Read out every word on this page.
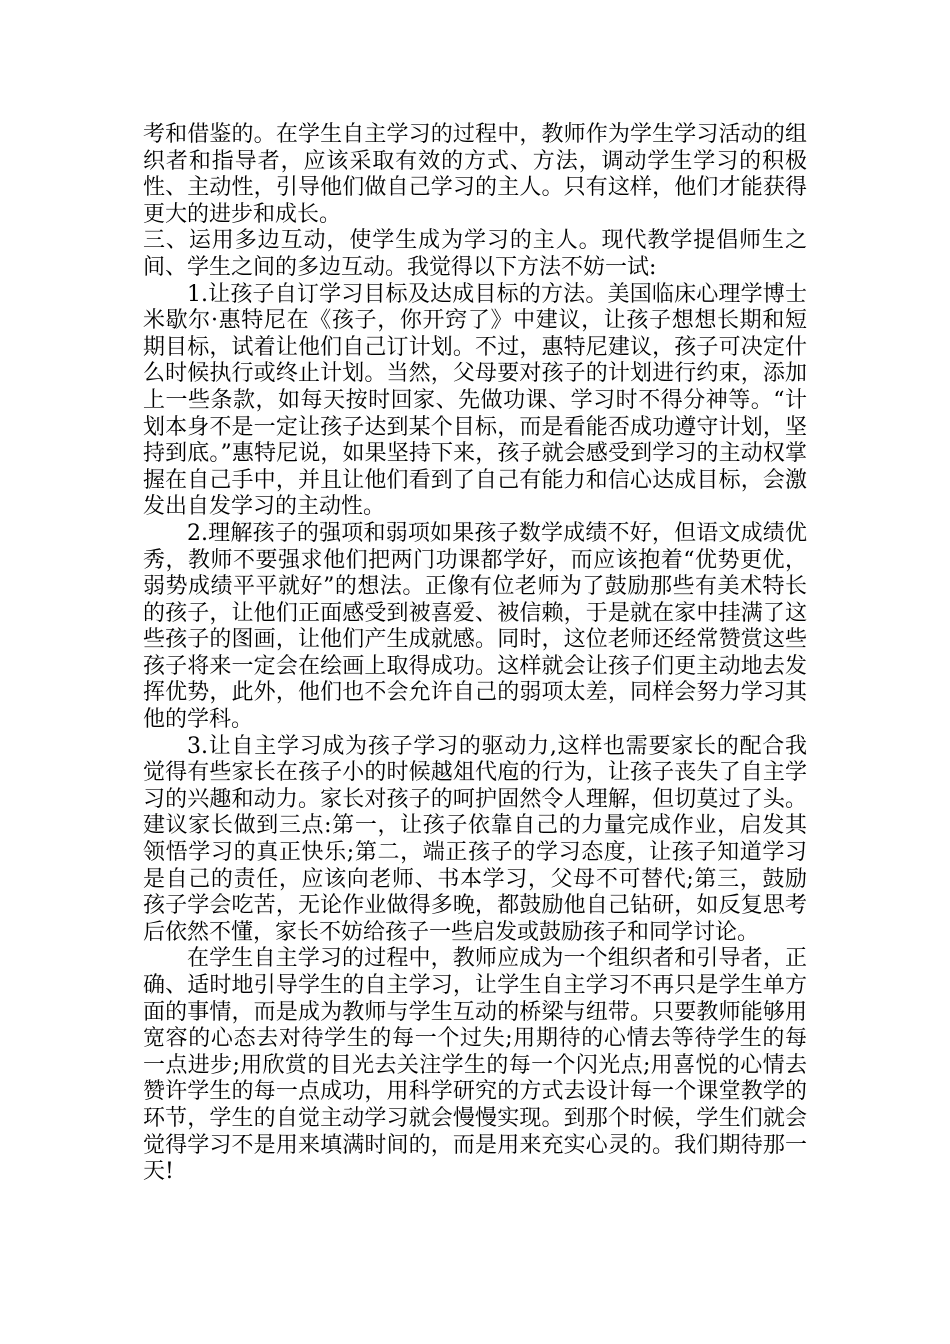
考和借鉴的。在学生自主学习的过程中，教师作为学生学习活动的组织者和指导者，应该采取有效的方式、方法，调动学生学习的积极性、主动性，引导他们做自己学习的主人。只有这样，他们才能获得更大的进步和成长。

三、运用多边互动，使学生成为学习的主人。现代教学提倡师生之间、学生之间的多边互动。我觉得以下方法不妨一试:

1.让孩子自订学习目标及达成目标的方法。美国临床心理学博士米歇尔·惠特尼在《孩子，你开窍了》中建议，让孩子想想长期和短期目标，试着让他们自己订计划。不过，惠特尼建议，孩子可决定什么时候执行或终止计划。当然，父母要对孩子的计划进行约束，添加上一些条款，如每天按时回家、先做功课、学习时不得分神等。“计划本身不是一定让孩子达到某个目标，而是看能否成功遵守计划，坚持到底。”惠特尼说，如果坚持下来，孩子就会感受到学习的主动权掌握在自己手中，并且让他们看到了自己有能力和信心达成目标，会激发出自发学习的主动性。

2.理解孩子的强项和弱项如果孩子数学成绩不好，但语文成绩优秀，教师不要强求他们把两门功课都学好，而应该抱着“优势更优，弱势成绩平平就好”的想法。正像有位老师为了鼓励那些有美术特长的孩子，让他们正面感受到被喜爱、被信赖，于是就在家中挂满了这些孩子的图画，让他们产生成就感。同时，这位老师还经常赞赏这些孩子将来一定会在绘画上取得成功。这样就会让孩子们更主动地去发挥优势，此外，他们也不会允许自己的弱项太差，同样会努力学习其他的学科。

3.让自主学习成为孩子学习的驱动力,这样也需要家长的配合我觉得有些家长在孩子小的时候越俎代庖的行为，让孩子丧失了自主学习的兴趣和动力。家长对孩子的呵护固然令人理解，但切莫过了头。建议家长做到三点:第一，让孩子依靠自己的力量完成作业，启发其领悟学习的真正快乐;第二，端正孩子的学习态度，让孩子知道学习是自己的责任，应该向老师、书本学习，父母不可替代;第三，鼓励孩子学会吃苦，无论作业做得多晚，都鼓励他自己钻研，如反复思考后依然不懂，家长不妨给孩子一些启发或鼓励孩子和同学讨论。

在学生自主学习的过程中，教师应成为一个组织者和引导者，正确、适时地引导学生的自主学习，让学生自主学习不再只是学生单方面的事情，而是成为教师与学生互动的桥梁与纽带。只要教师能够用宽容的心态去对待学生的每一个过失;用期待的心情去等待学生的每一点进步;用欣赏的目光去关注学生的每一个闪光点;用喜悦的心情去赞许学生的每一点成功，用科学研究的方式去设计每一个课堂教学的环节，学生的自觉主动学习就会慢慢实现。到那个时候，学生们就会觉得学习不是用来填满时间的，而是用来充实心灵的。我们期待那一天!
